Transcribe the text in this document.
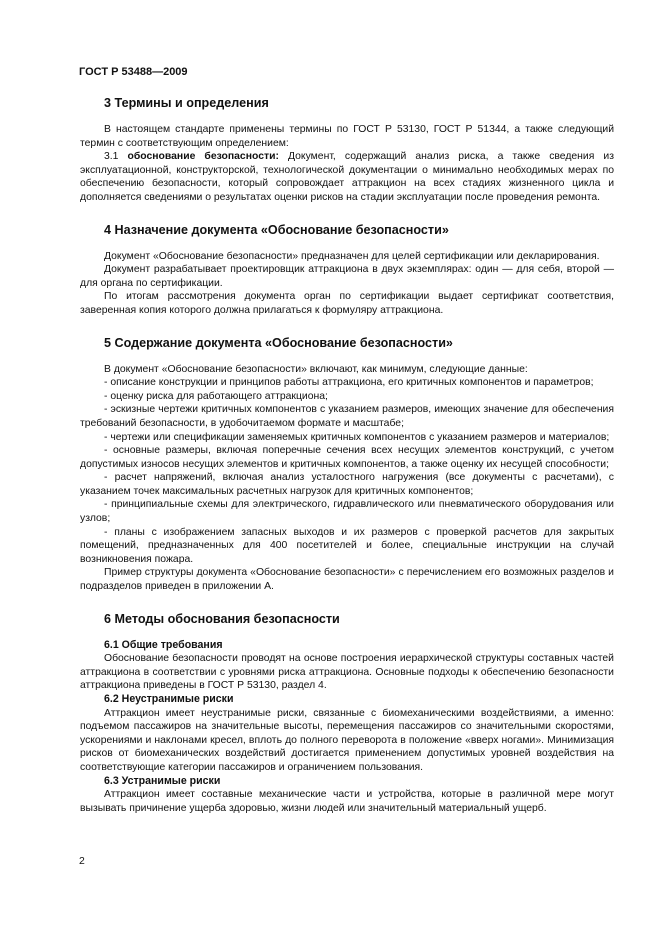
ГОСТ Р 53488—2009
3 Термины и определения

В настоящем стандарте применены термины по ГОСТ Р 53130, ГОСТ Р 51344, а также следующий термин с соответствующим определением:

3.1 обоснование безопасности: Документ, содержащий анализ риска, а также сведения из эксплуатационной, конструкторской, технологической документации о минимально необходимых мерах по обеспечению безопасности, который сопровождает аттракцион на всех стадиях жизненного цикла и дополняется сведениями о результатах оценки рисков на стадии эксплуатации после проведения ремонта.

4 Назначение документа «Обоснование безопасности»

Документ «Обоснование безопасности» предназначен для целей сертификации или декларирования.

Документ разрабатывает проектировщик аттракциона в двух экземплярах: один — для себя, второй — для органа по сертификации.

По итогам рассмотрения документа орган по сертификации выдает сертификат соответствия, заверенная копия которого должна прилагаться к формуляру аттракциона.

5 Содержание документа «Обоснование безопасности»

В документ «Обоснование безопасности» включают, как минимум, следующие данные:

- описание конструкции и принципов работы аттракциона, его критичных компонентов и параметров;

- оценку риска для работающего аттракциона;

- эскизные чертежи критичных компонентов с указанием размеров, имеющих значение для обеспечения требований безопасности, в удобочитаемом формате и масштабе;

- чертежи или спецификации заменяемых критичных компонентов с указанием размеров и материалов;

- основные размеры, включая поперечные сечения всех несущих элементов конструкций, с учетом допустимых износов несущих элементов и критичных компонентов, а также оценку их несущей способности;

- расчет напряжений, включая анализ усталостного нагружения (все документы с расчетами), с указанием точек максимальных расчетных нагрузок для критичных компонентов;

- принципиальные схемы для электрического, гидравлического или пневматического оборудования или узлов;

- планы с изображением запасных выходов и их размеров с проверкой расчетов для закрытых помещений, предназначенных для 400 посетителей и более, специальные инструкции на случай возникновения пожара.

Пример структуры документа «Обоснование безопасности» с перечислением его возможных разделов и подразделов приведен в приложении А.

6 Методы обоснования безопасности
6.1 Общие требования

Обоснование безопасности проводят на основе построения иерархической структуры составных частей аттракциона в соответствии с уровнями риска аттракциона. Основные подходы к обеспечению безопасности аттракциона приведены в ГОСТ Р 53130, раздел 4.

6.2 Неустранимые риски

Аттракцион имеет неустранимые риски, связанные с биомеханическими воздействиями, а именно: подъемом пассажиров на значительные высоты, перемещения пассажиров со значительными скоростями, ускорениями и наклонами кресел, вплоть до полного переворота в положение «вверх ногами». Минимизация рисков от биомеханических воздействий достигается применением допустимых уровней воздействия на соответствующие категории пассажиров и ограничением пользования.

6.3 Устранимые риски

Аттракцион имеет составные механические части и устройства, которые в различной мере могут вызывать причинение ущерба здоровью, жизни людей или значительный материальный ущерб.

2
